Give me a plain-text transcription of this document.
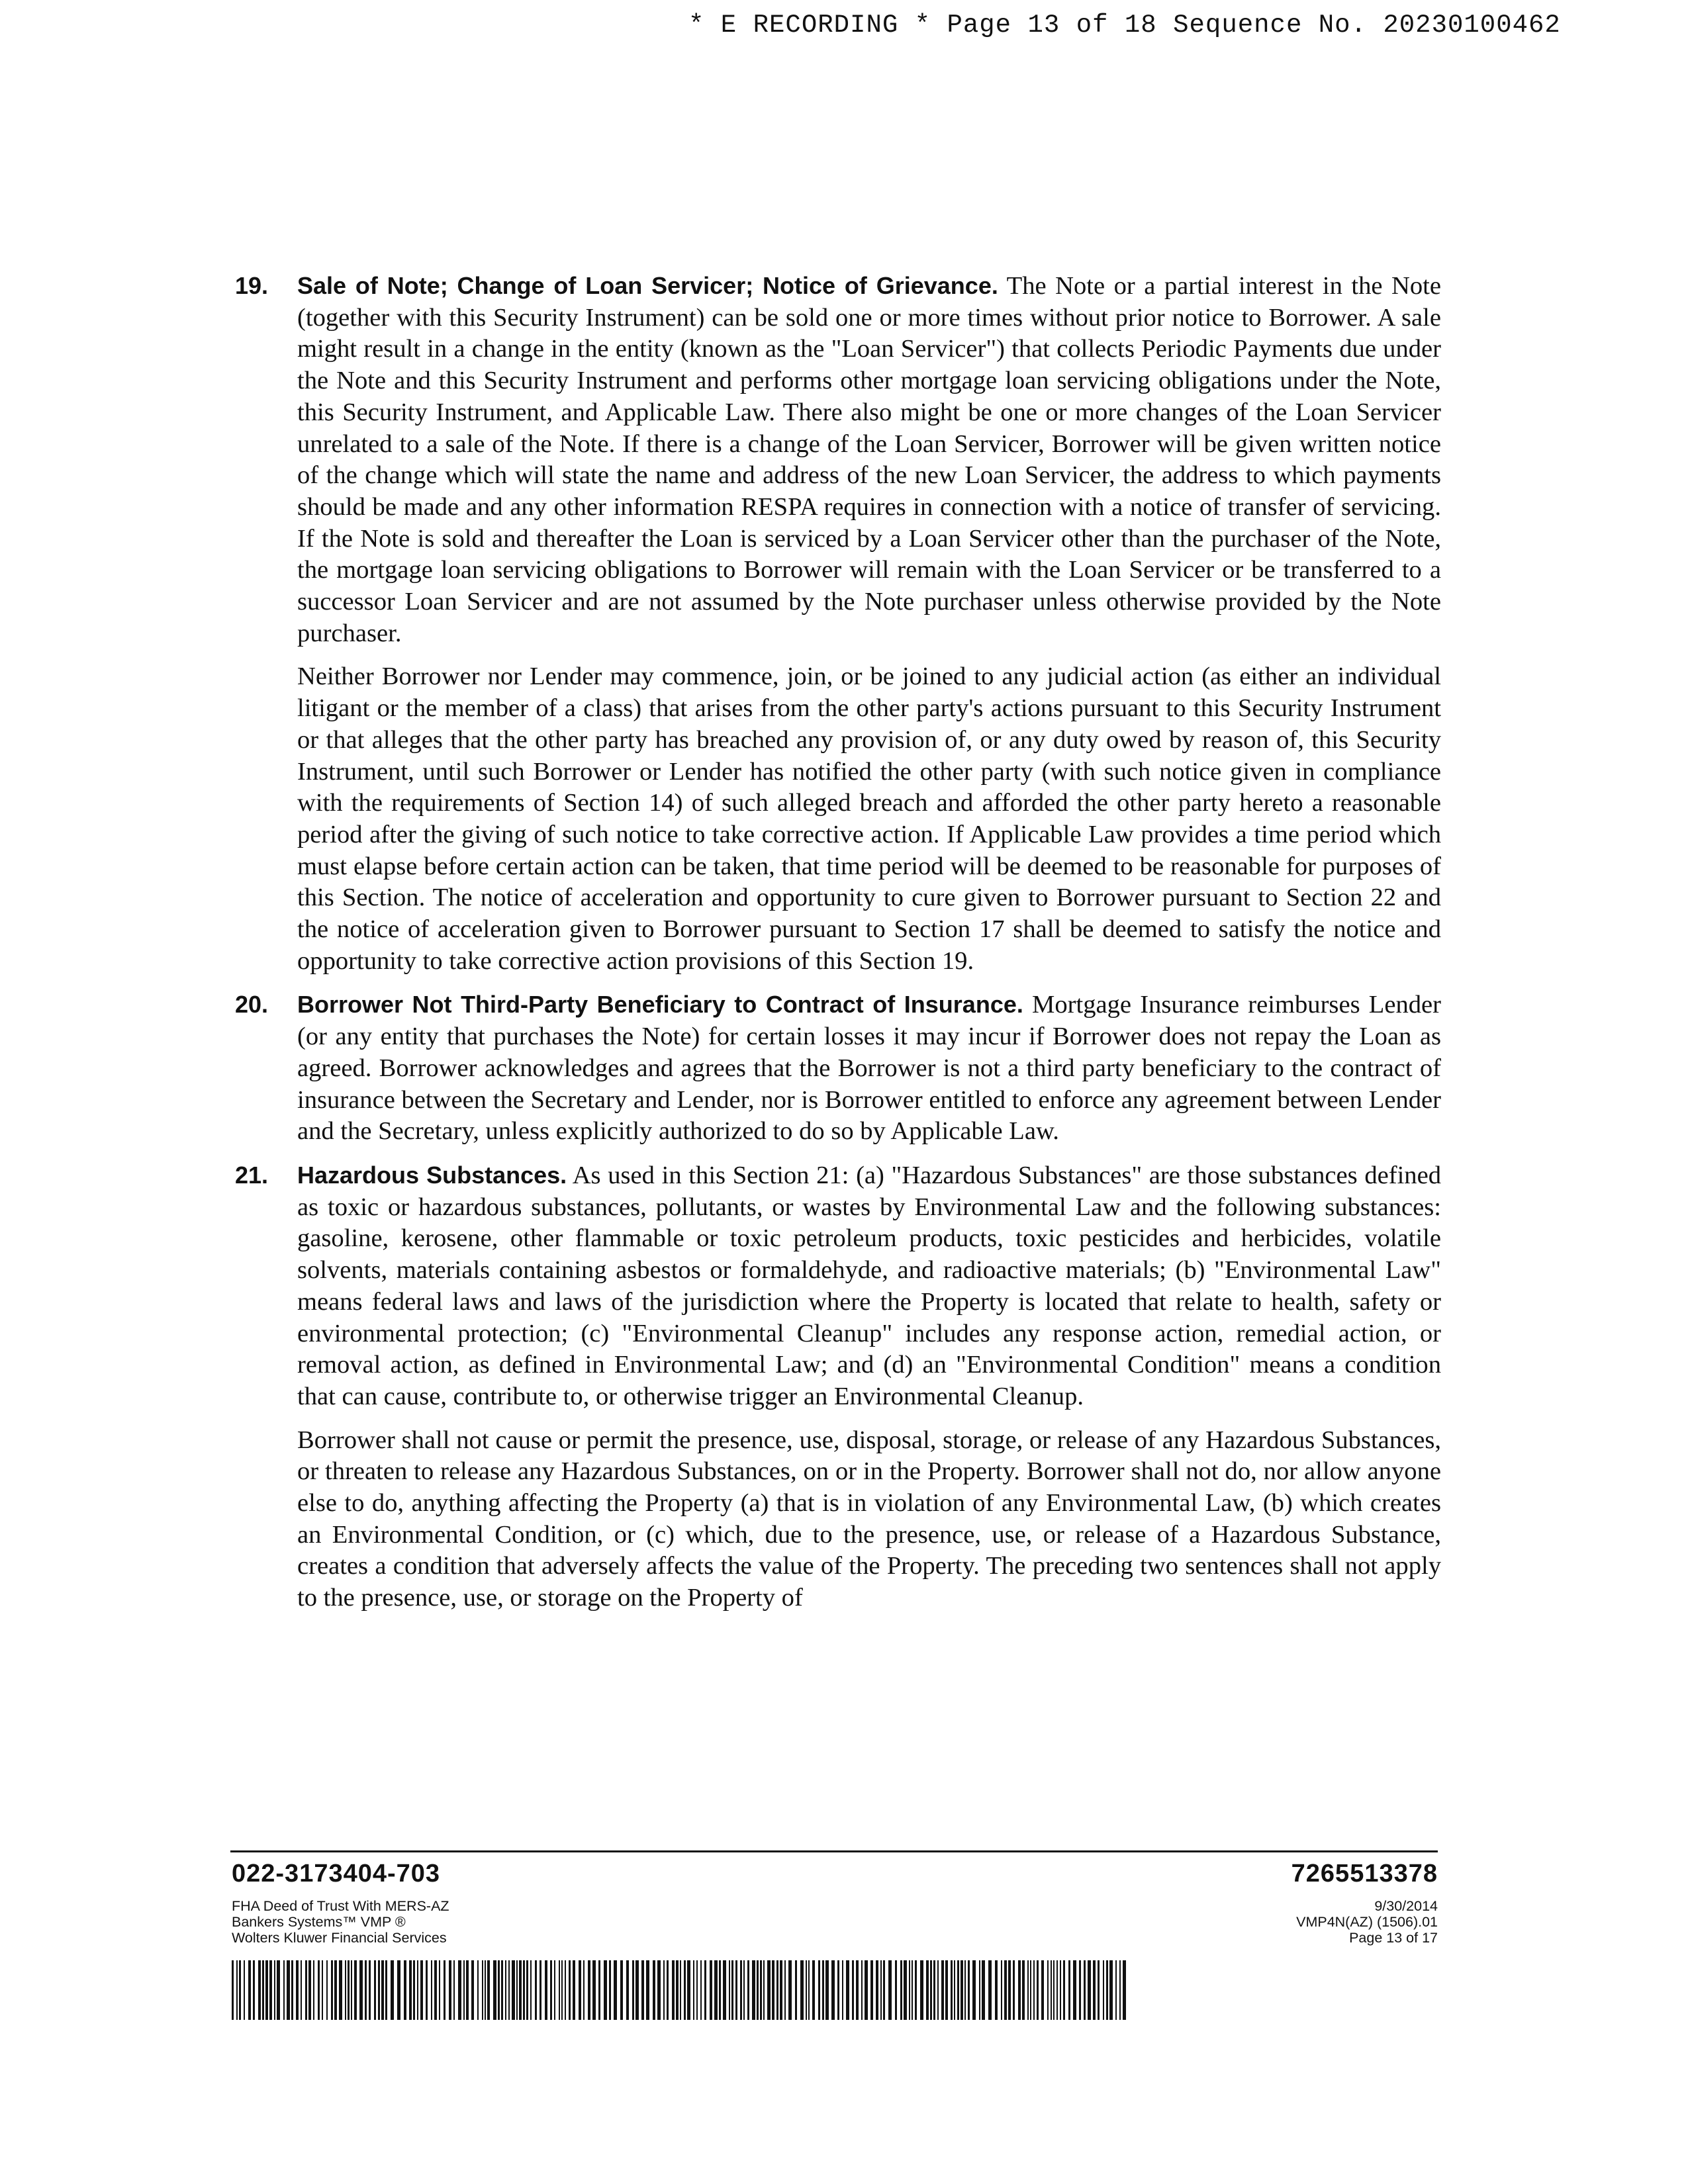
* E RECORDING * Page 13 of 18 Sequence No. 20230100462
19.	Sale of Note; Change of Loan Servicer; Notice of Grievance. The Note or a partial interest in the Note (together with this Security Instrument) can be sold one or more times without prior notice to Borrower. A sale might result in a change in the entity (known as the "Loan Servicer") that collects Periodic Payments due under the Note and this Security Instrument and performs other mortgage loan servicing obligations under the Note, this Security Instrument, and Applicable Law. There also might be one or more changes of the Loan Servicer unrelated to a sale of the Note. If there is a change of the Loan Servicer, Borrower will be given written notice of the change which will state the name and address of the new Loan Servicer, the address to which payments should be made and any other information RESPA requires in connection with a notice of transfer of servicing. If the Note is sold and thereafter the Loan is serviced by a Loan Servicer other than the purchaser of the Note, the mortgage loan servicing obligations to Borrower will remain with the Loan Servicer or be transferred to a successor Loan Servicer and are not assumed by the Note purchaser unless otherwise provided by the Note purchaser.

Neither Borrower nor Lender may commence, join, or be joined to any judicial action (as either an individual litigant or the member of a class) that arises from the other party's actions pursuant to this Security Instrument or that alleges that the other party has breached any provision of, or any duty owed by reason of, this Security Instrument, until such Borrower or Lender has notified the other party (with such notice given in compliance with the requirements of Section 14) of such alleged breach and afforded the other party hereto a reasonable period after the giving of such notice to take corrective action. If Applicable Law provides a time period which must elapse before certain action can be taken, that time period will be deemed to be reasonable for purposes of this Section. The notice of acceleration and opportunity to cure given to Borrower pursuant to Section 22 and the notice of acceleration given to Borrower pursuant to Section 17 shall be deemed to satisfy the notice and opportunity to take corrective action provisions of this Section 19.

20.	Borrower Not Third-Party Beneficiary to Contract of Insurance. Mortgage Insurance reimburses Lender (or any entity that purchases the Note) for certain losses it may incur if Borrower does not repay the Loan as agreed. Borrower acknowledges and agrees that the Borrower is not a third party beneficiary to the contract of insurance between the Secretary and Lender, nor is Borrower entitled to enforce any agreement between Lender and the Secretary, unless explicitly authorized to do so by Applicable Law.

21.	Hazardous Substances. As used in this Section 21: (a) "Hazardous Substances" are those substances defined as toxic or hazardous substances, pollutants, or wastes by Environmental Law and the following substances: gasoline, kerosene, other flammable or toxic petroleum products, toxic pesticides and herbicides, volatile solvents, materials containing asbestos or formaldehyde, and radioactive materials; (b) "Environmental Law" means federal laws and laws of the jurisdiction where the Property is located that relate to health, safety or environmental protection; (c) "Environmental Cleanup" includes any response action, remedial action, or removal action, as defined in Environmental Law; and (d) an "Environmental Condition" means a condition that can cause, contribute to, or otherwise trigger an Environmental Cleanup.

Borrower shall not cause or permit the presence, use, disposal, storage, or release of any Hazardous Substances, or threaten to release any Hazardous Substances, on or in the Property. Borrower shall not do, nor allow anyone else to do, anything affecting the Property (a) that is in violation of any Environmental Law, (b) which creates an Environmental Condition, or (c) which, due to the presence, use, or release of a Hazardous Substance, creates a condition that adversely affects the value of the Property. The preceding two sentences shall not apply to the presence, use, or storage on the Property of

022-3173404-703	7265513378
FHA Deed of Trust With MERS-AZ
Bankers Systems™ VMP ®
Wolters Kluwer Financial Services
9/30/2014
VMP4N(AZ) (1506).01
Page 13 of 17
